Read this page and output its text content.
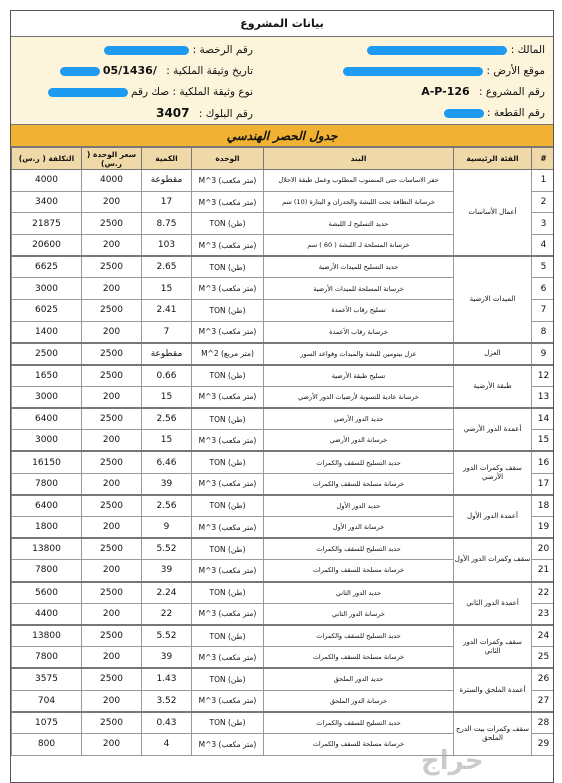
بيانات المشروع
المالك :
رقم الرخصة :
موقع الأرض :
تاريخ وثيقة الملكية : /05/1436
رقم المشروع : A-P-126
نوع وثيقة الملكية : صك رقم
رقم القطعة :
رقم البلوك : 3407
جدول الحصر الهندسي
التكلفة ( ر.س)	سعر الوحدة ( ر.س)	الكمية	الوحدة	البند	الفئة الرئيسية	#
4000	4000	مقطوعة	M^3 (متر مكعب)	حفر الاساسات حتى المنسوب المطلوب وعمل طبقة الاحلال	أعمال الأساسات	1
3400	200	17	M^3 (متر مكعب)	خرسانة النظافة تحت اللبشة والجدران و البتارة (10) سم		2
21875	2500	8.75	TON (طن)	حديد التسليح لـ اللبشة		3
20600	200	103	M^3 (متر مكعب)	خرسانة المسلحة لـ اللبشة ( 60 ) سم		4
6625	2500	2.65	TON (طن)	حديد التسليح للميدات الأرضية	الميدات الارضية	5
3000	200	15	M^3 (متر مكعب)	خرسانة المسلحة للميدات الأرضية		6
6025	2500	2.41	TON (طن)	تسليح رقاب الأعمدة		7
1400	200	7	M^3 (متر مكعب)	خرسانة رقاب الأعمدة		8
2500	2500	مقطوعة	M^2 (متر مربع)	عزل بيتومين للبشة والميدات وقواعد السور	العزل	9
1650	2500	0.66	TON (طن)	تسليح طبقة الأرضية	طبقة الأرضية	12
3000	200	15	M^3 (متر مكعب)	خرسانة عادية للتسوية لأرضيات الدور الأرضي		13
6400	2500	2.56	TON (طن)	حديد الدور الأرضي	أعمدة الدور الأرضي	14
3000	200	15	M^3 (متر مكعب)	خرسانة الدور الأرضي		15
16150	2500	6.46	TON (طن)	حديد التسليح للسقف والكمرات	سقف وكمرات الدور الأرضي	16
7800	200	39	M^3 (متر مكعب)	خرسانة مسلحة للسقف والكمرات		17
6400	2500	2.56	TON (طن)	حديد الدور الأول	أعمدة الدور الأول	18
1800	200	9	M^3 (متر مكعب)	خرسانة الدور الأول		19
13800	2500	5.52	TON (طن)	حديد التسليح للسقف والكمرات	سقف وكمرات الدور الأول	20
7800	200	39	M^3 (متر مكعب)	خرسانة مسلحة للسقف والكمرات		21
5600	2500	2.24	TON (طن)	حديد الدور الثاني	أعمدة الدور الثاني	22
4400	200	22	M^3 (متر مكعب)	خرسانة الدور الثاني		23
13800	2500	5.52	TON (طن)	حديد التسليح للسقف والكمرات	سقف وكمرات الدور الثاني	24
7800	200	39	M^3 (متر مكعب)	خرسانة مسلحة للسقف والكمرات		25
3575	2500	1.43	TON (طن)	حديد الدور الملحق	أعمدة الملحق والسترة	26
704	200	3.52	M^3 (متر مكعب)	خرسانة الدور الملحق		27
1075	2500	0.43	TON (طن)	حديد التسليح للسقف والكمرات	سقف وكمرات بيت الدرج الملحق	28
800	200	4	M^3 (متر مكعب)	خرسانة مسلحة للسقف والكمرات		29
حراج
